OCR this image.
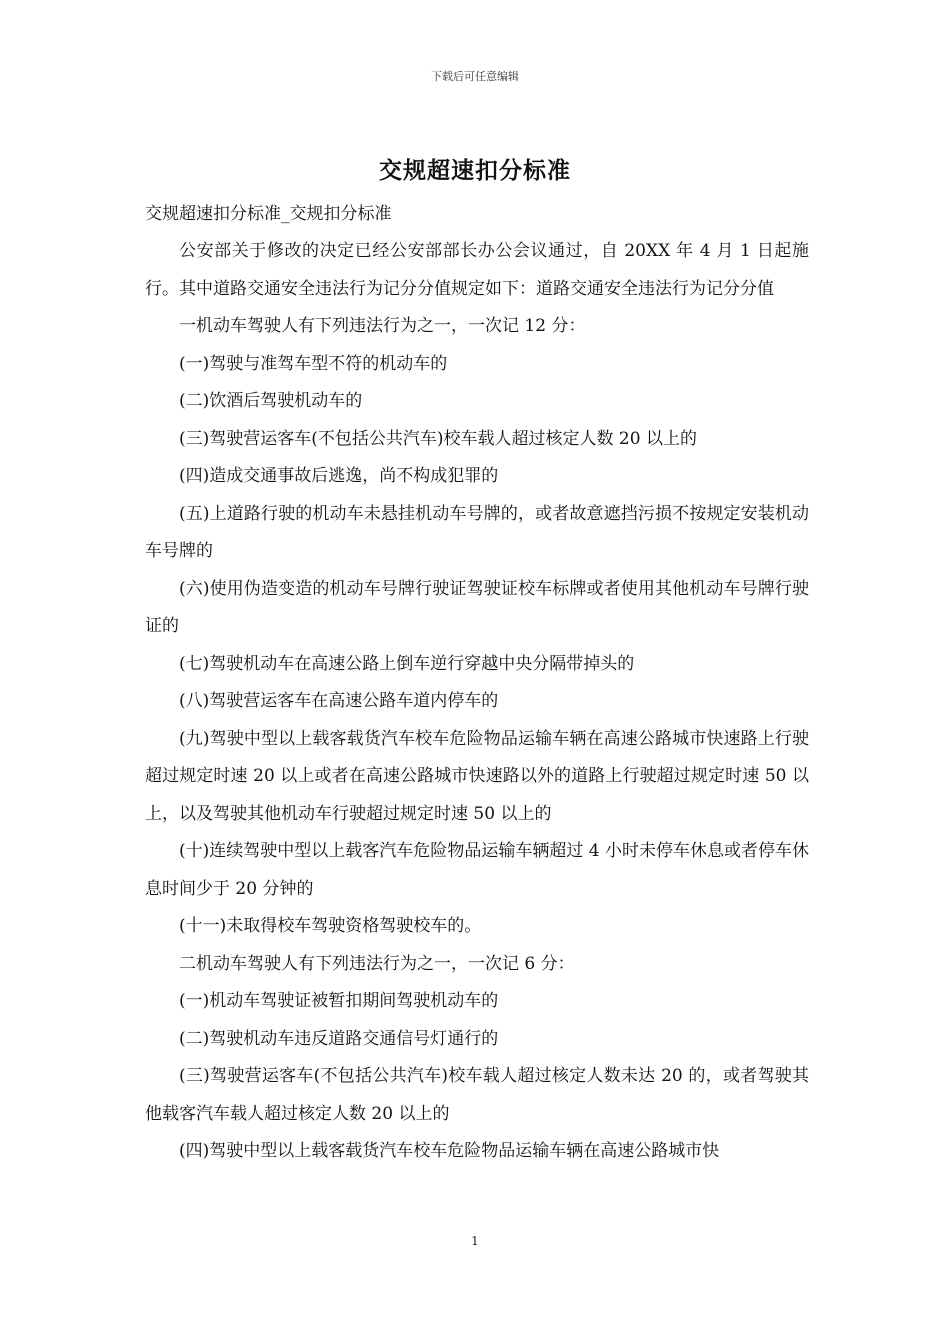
下载后可任意编辑
交规超速扣分标准

交规超速扣分标准_交规扣分标准

公安部关于修改的决定已经公安部部长办公会议通过，自 20XX 年 4 月 1 日起施行。其中道路交通安全违法行为记分分值规定如下：道路交通安全违法行为记分分值

一机动车驾驶人有下列违法行为之一，一次记 12 分：

(一)驾驶与准驾车型不符的机动车的

(二)饮酒后驾驶机动车的

(三)驾驶营运客车(不包括公共汽车)校车载人超过核定人数 20 以上的

(四)造成交通事故后逃逸，尚不构成犯罪的

(五)上道路行驶的机动车未悬挂机动车号牌的，或者故意遮挡污损不按规定安装机动车号牌的

(六)使用伪造变造的机动车号牌行驶证驾驶证校车标牌或者使用其他机动车号牌行驶证的

(七)驾驶机动车在高速公路上倒车逆行穿越中央分隔带掉头的

(八)驾驶营运客车在高速公路车道内停车的

(九)驾驶中型以上载客载货汽车校车危险物品运输车辆在高速公路城市快速路上行驶超过规定时速 20 以上或者在高速公路城市快速路以外的道路上行驶超过规定时速 50 以上，以及驾驶其他机动车行驶超过规定时速 50 以上的

(十)连续驾驶中型以上载客汽车危险物品运输车辆超过 4 小时未停车休息或者停车休息时间少于 20 分钟的

(十一)未取得校车驾驶资格驾驶校车的。

二机动车驾驶人有下列违法行为之一，一次记 6 分：

(一)机动车驾驶证被暂扣期间驾驶机动车的

(二)驾驶机动车违反道路交通信号灯通行的

(三)驾驶营运客车(不包括公共汽车)校车载人超过核定人数未达 20 的，或者驾驶其他载客汽车载人超过核定人数 20 以上的

(四)驾驶中型以上载客载货汽车校车危险物品运输车辆在高速公路城市快

1
